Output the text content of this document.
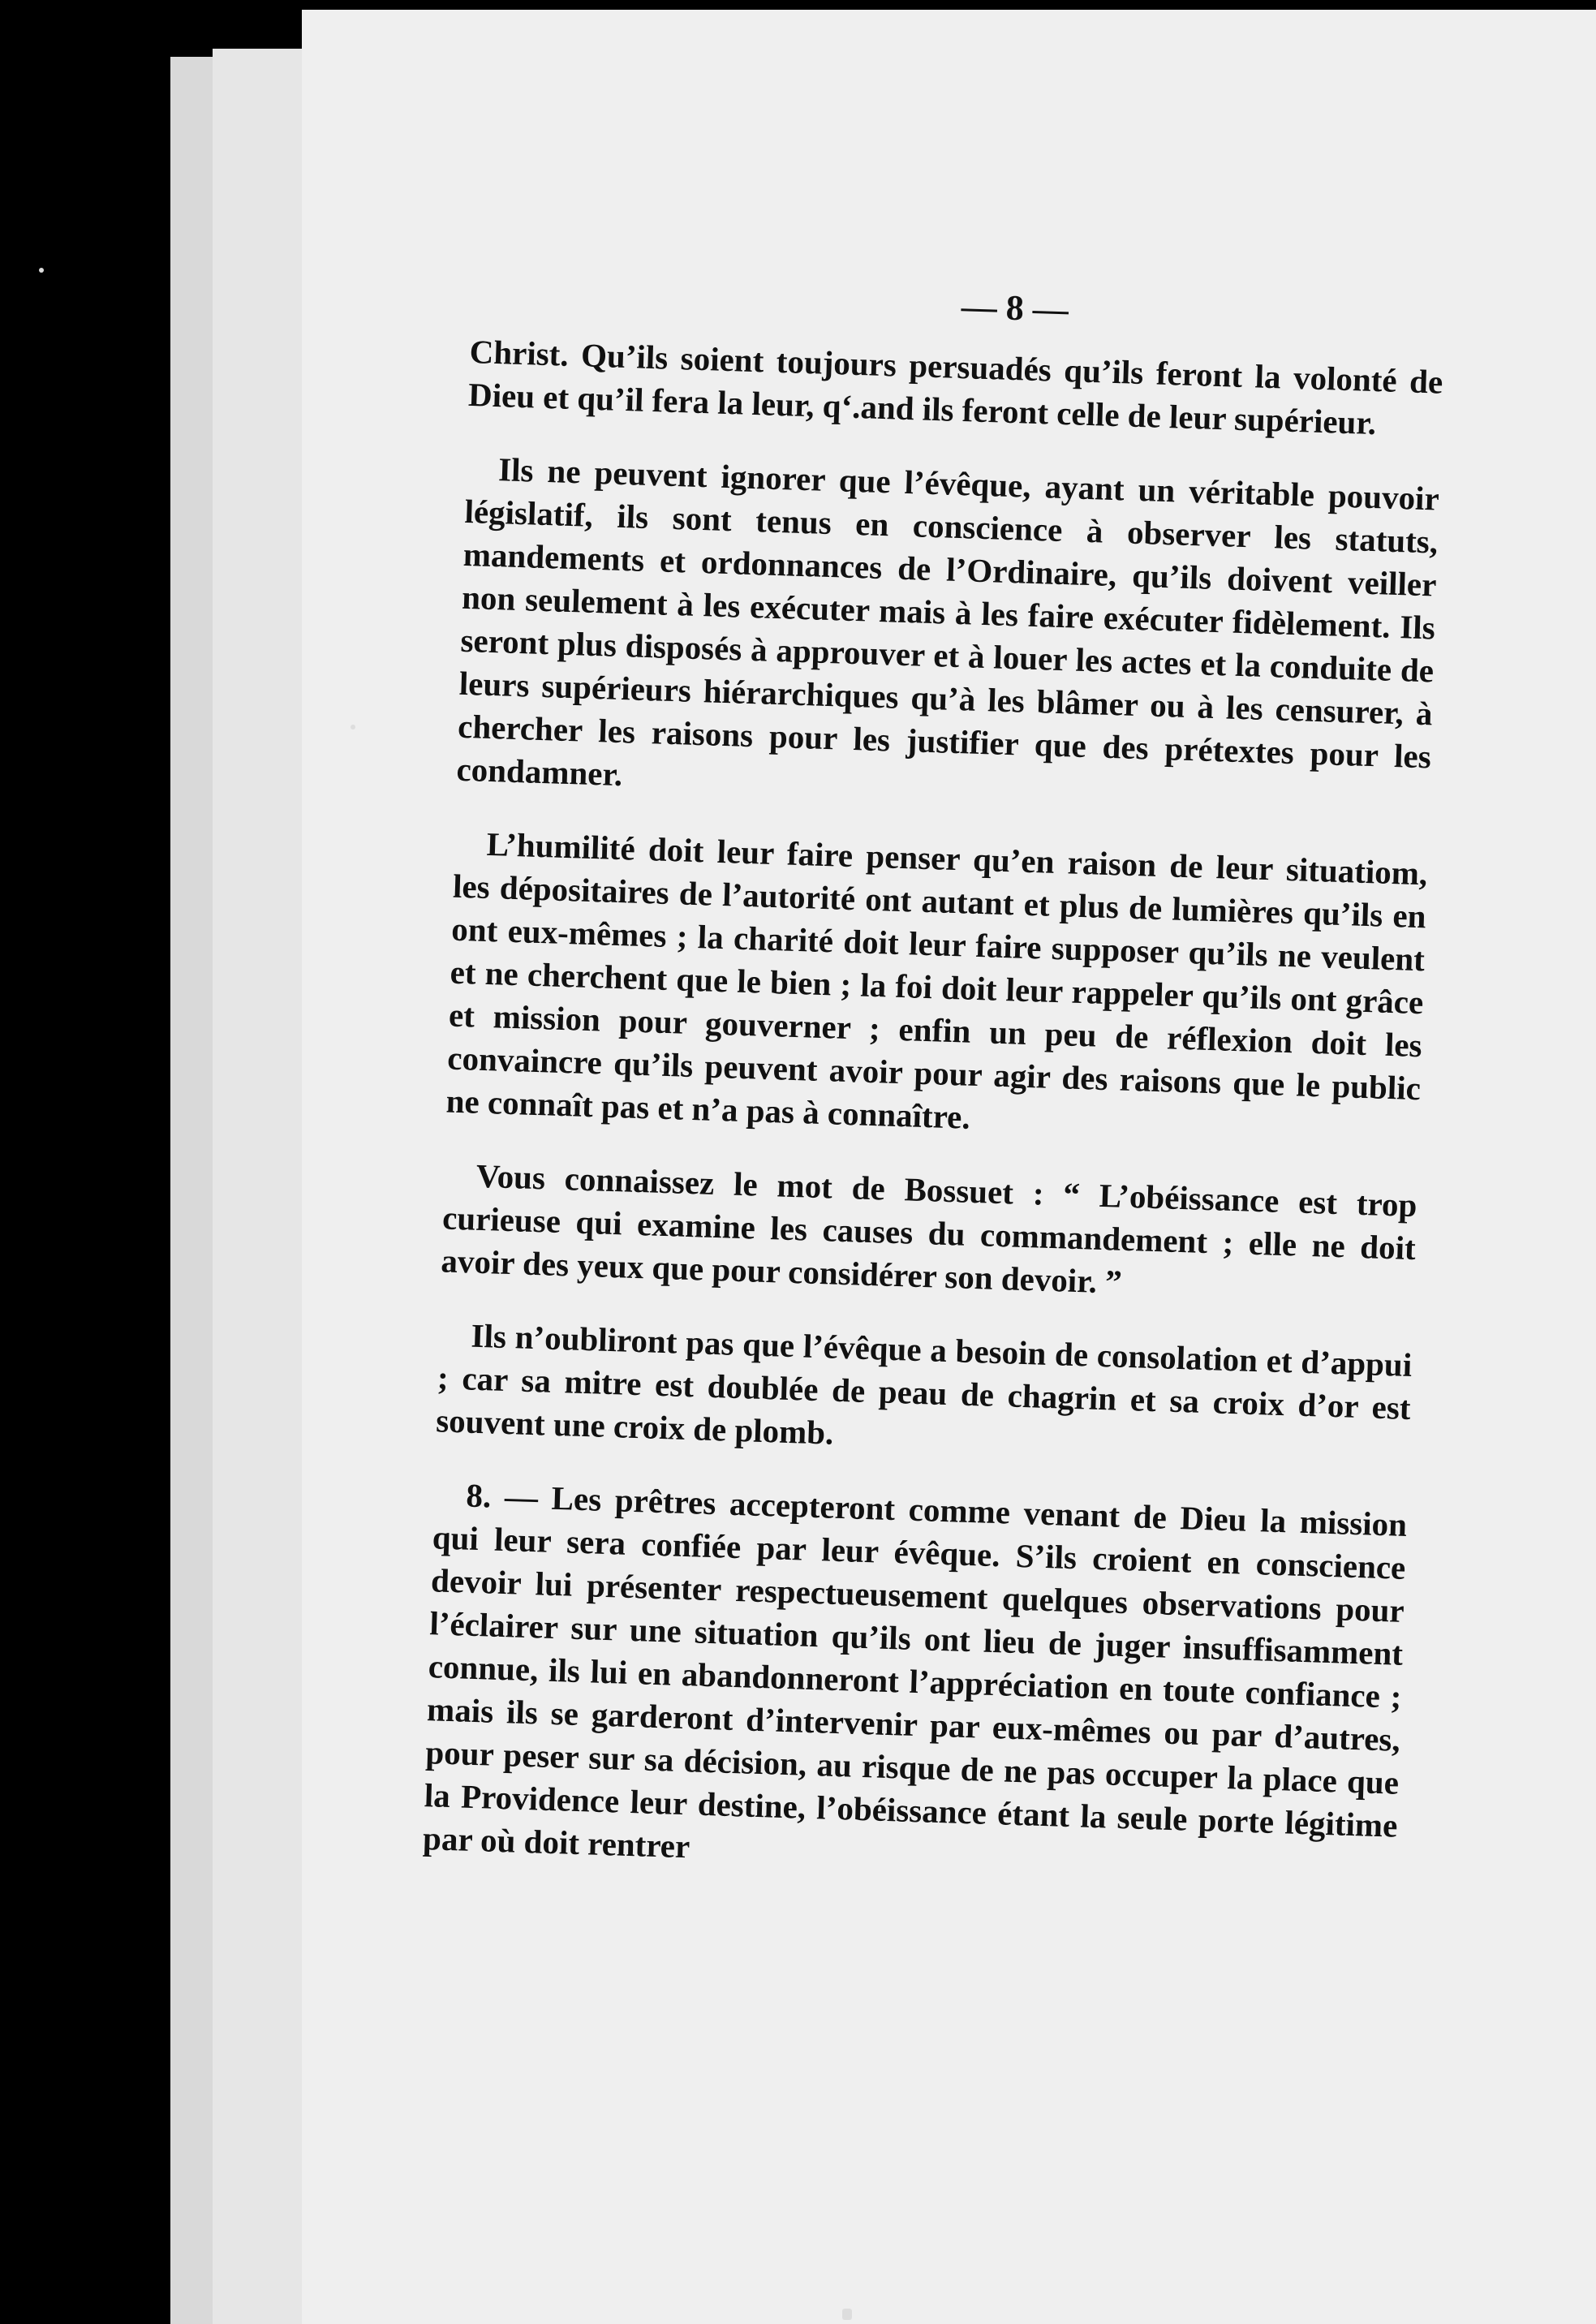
— 8 —

Christ. Qu’ils soient toujours persuadés qu’ils feront la volonté de Dieu et qu’il fera la leur, q‘.and ils feront celle de leur supérieur.

Ils ne peuvent ignorer que l’évêque, ayant un véritable pouvoir législatif, ils sont tenus en conscience à observer les statuts, mandements et ordonnances de l’Ordinaire, qu’ils doivent veiller non seulement à les exécuter mais à les faire exécuter fidèlement. Ils seront plus disposés à approuver et à louer les actes et la conduite de leurs supérieurs hiérarchiques qu’à les blâmer ou à les censurer, à chercher les raisons pour les justifier que des prétextes pour les condamner.

L’humilité doit leur faire penser qu’en raison de leur situatiom, les dépositaires de l’autorité ont autant et plus de lumières qu’ils en ont eux-mêmes ; la charité doit leur faire supposer qu’ils ne veulent et ne cherchent que le bien ; la foi doit leur rappeler qu’ils ont grâce et mission pour gouverner ; enfin un peu de réflexion doit les convaincre qu’ils peuvent avoir pour agir des raisons que le public ne connaît pas et n’a pas à connaître.

Vous connaissez le mot de Bossuet : “ L’obéissance est trop curieuse qui examine les causes du commandement ; elle ne doit avoir des yeux que pour considérer son devoir. ”

Ils n’oubliront pas que l’évêque a besoin de consolation et d’appui ; car sa mitre est doublée de peau de chagrin et sa croix d’or est souvent une croix de plomb.

8. — Les prêtres accepteront comme venant de Dieu la mission qui leur sera confiée par leur évêque. S’ils croient en conscience devoir lui présenter respectueusement quelques observations pour l’éclairer sur une situation qu’ils ont lieu de juger insuffisamment connue, ils lui en abandonneront l’appréciation en toute confiance ; mais ils se garderont d’intervenir par eux-mêmes ou par d’autres, pour peser sur sa décision, au risque de ne pas occuper la place que la Providence leur destine, l’obéissance étant la seule porte légitime par où doit rentrer
